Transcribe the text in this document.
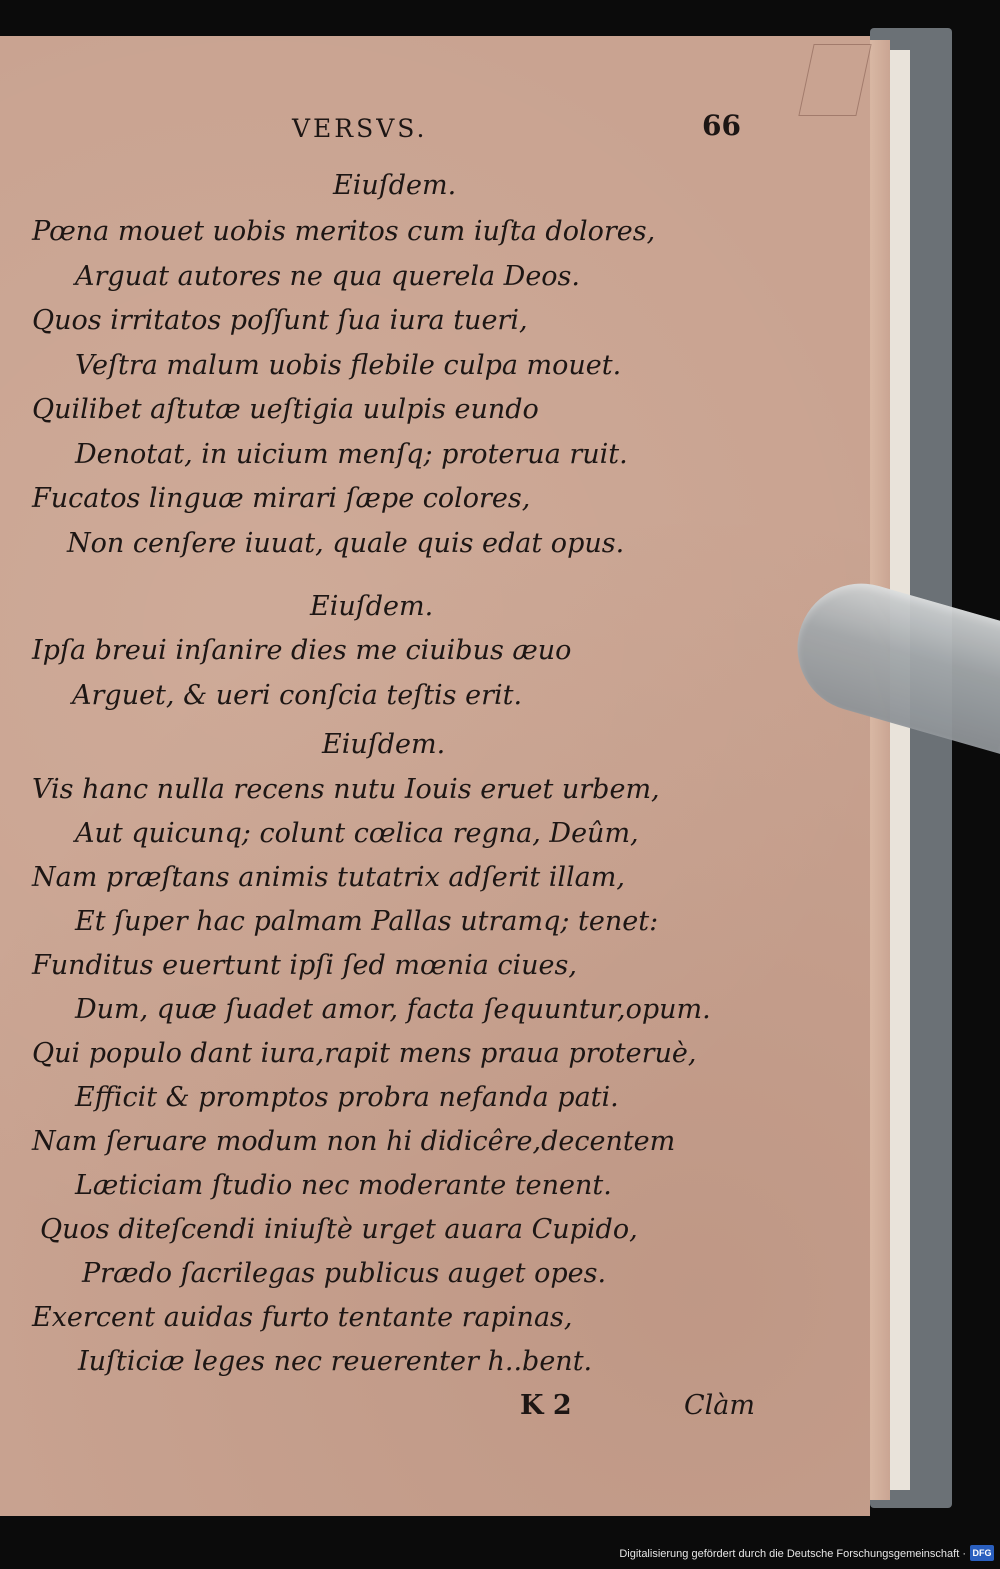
VERSVS.	66
Eiuſdem.
Pœna mouet uobis meritos cum iuſta dolores,
Arguat autores ne qua querela Deos.
Quos irritatos poſſunt ſua iura tueri,
Veſtra malum uobis flebile culpa mouet.
Quilibet aſtutæ ueſtigia uulpis eundo
Denotat, in uicium menſq; proterua ruit.
Fucatos linguæ mirari ſæpe colores,
Non cenſere iuuat, quale quis edat opus.
Eiuſdem.
Ipſa breui inſanire dies me ciuibus æuo
Arguet, & ueri conſcia teſtis erit.
Eiuſdem.
Vis hanc nulla recens nutu Iouis eruet urbem,
Aut quicunq; colunt cœlica regna, Deûm,
Nam præſtans animis tutatrix adſerit illam,
Et ſuper hac palmam Pallas utramq; tenet:
Funditus euertunt ipſi ſed mœnia ciues,
Dum, quæ ſuadet amor, facta ſequuntur,opum.
Qui populo dant iura,rapit mens praua proteruè,
Efficit & promptos probra nefanda pati.
Nam ſeruare modum non hi didicêre,decentem
Læticiam ſtudio nec moderante tenent.
Quos diteſcendi iniuſtè urget auara Cupido,
Prædo ſacrilegas publicus auget opes.
Exercent auidas furto tentante rapinas,
Iuſticiæ leges nec reuerenter h..bent.
K 2	Clàm
Digitalisierung gefördert durch die Deutsche Forschungsgemeinschaft · DFG
